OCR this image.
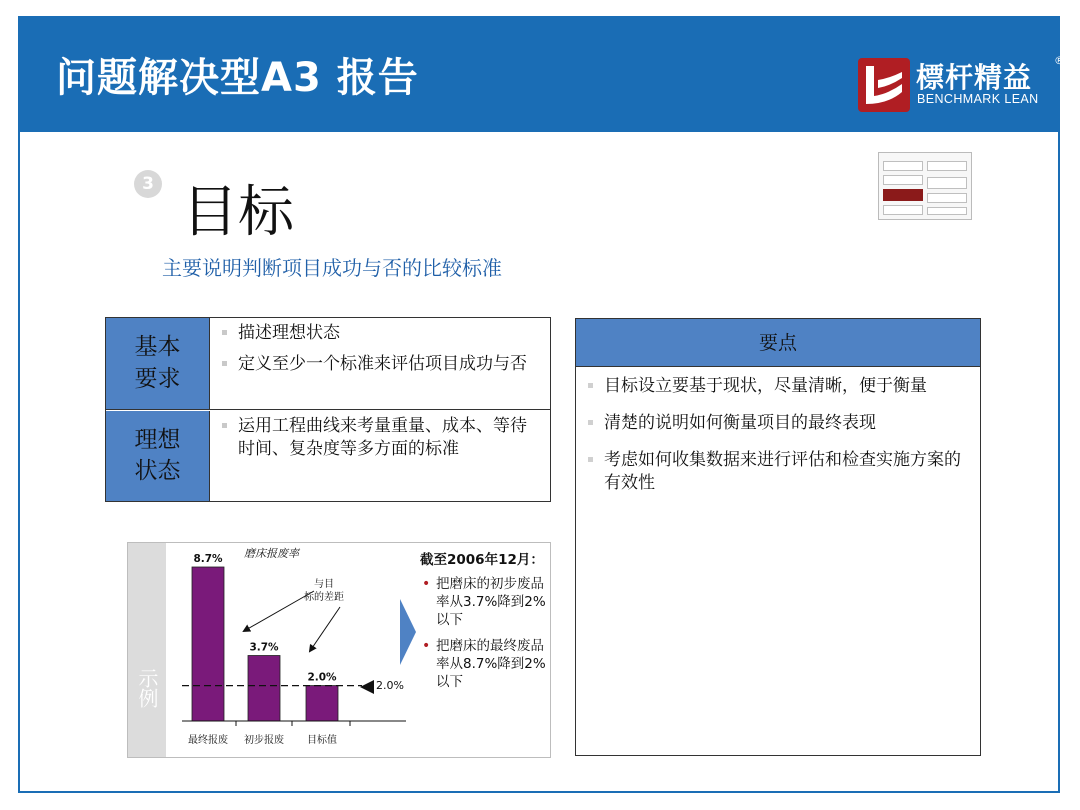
问题解决型A3 报告	標杆精益
BENCHMARK LEAN
®
3 目标
主要说明判断项目成功与否的比较标准
基本
要求
描述理想状态
定义至少一个标准来评估项目成功与否
理想
状态
运用工程曲线来考量重量、成本、等待时间、复杂度等多方面的标准
要点
目标设立要基于现状，尽量清晰，便于衡量
清楚的说明如何衡量项目的最终表现
考虑如何收集数据来进行评估和检查实施方案的有效性
示例
磨床报废率
8.7%
3.7%
2.0%
与目标的差距
最终报废 初步报废 目标值
2.0%
截至2006年12月：
• 把磨床的初步废品率从3.7%降到2%以下
• 把磨床的最终废品率从8.7%降到2%以下
